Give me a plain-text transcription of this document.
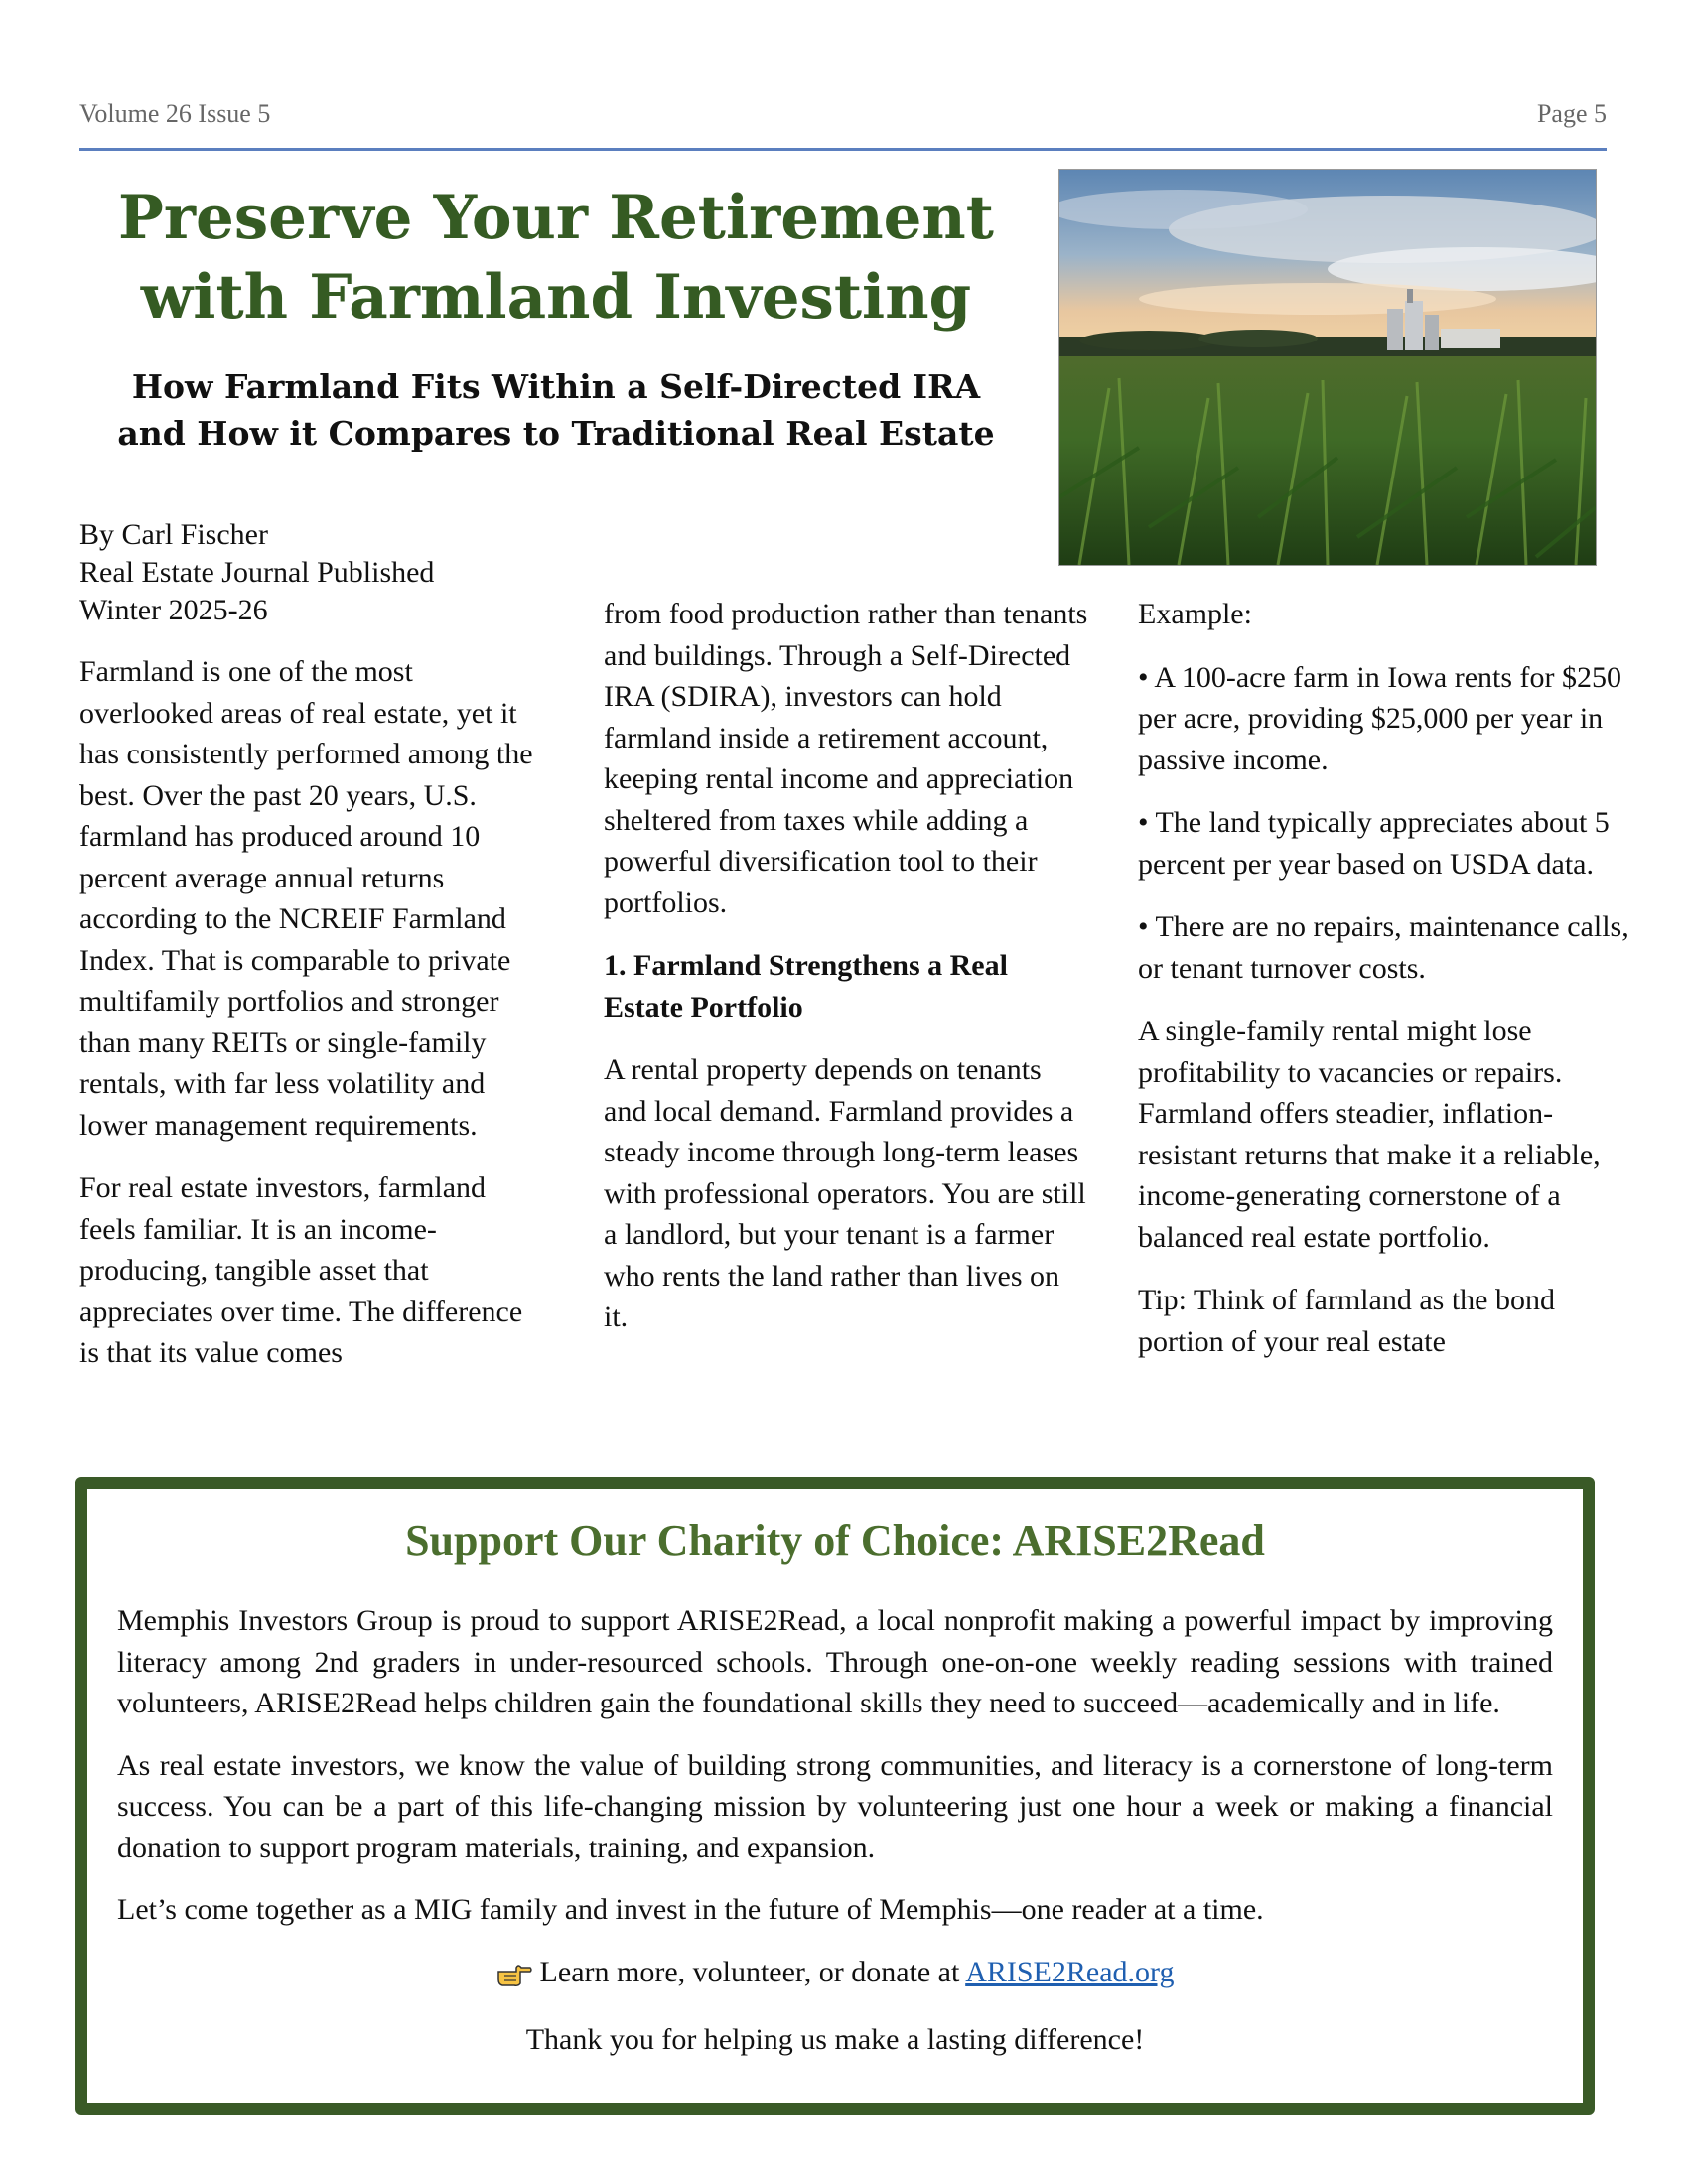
Volume 26 Issue 5	Page 5
Preserve Your Retirement
with Farmland Investing
How Farmland Fits Within a Self-Directed IRA
and How it Compares to Traditional Real Estate

By Carl Fischer
Real Estate Journal Published
Winter 2025-26

Farmland is one of the most overlooked areas of real estate, yet it has consistently performed among the best. Over the past 20 years, U.S. farmland has produced around 10 percent average annual returns according to the NCREIF Farmland Index. That is comparable to private multifamily portfolios and stronger than many REITs or single-family rentals, with far less volatility and lower management requirements.

For real estate investors, farmland feels familiar. It is an income-producing, tangible asset that appreciates over time. The difference is that its value comes

from food production rather than tenants and buildings. Through a Self-Directed IRA (SDIRA), investors can hold farmland inside a retirement account, keeping rental income and appreciation sheltered from taxes while adding a powerful diversification tool to their portfolios.

1. Farmland Strengthens a Real Estate Portfolio

A rental property depends on tenants and local demand. Farmland provides a steady income through long-term leases with professional operators. You are still a landlord, but your tenant is a farmer who rents the land rather than lives on it.

Example:

• A 100-acre farm in Iowa rents for $250 per acre, providing $25,000 per year in passive income.

• The land typically appreciates about 5 percent per year based on USDA data.

• There are no repairs, maintenance calls, or tenant turnover costs.

A single-family rental might lose profitability to vacancies or repairs. Farmland offers steadier, inflation-resistant returns that make it a reliable, income-generating cornerstone of a balanced real estate portfolio.

Tip: Think of farmland as the bond portion of your real estate

Support Our Charity of Choice: ARISE2Read

Memphis Investors Group is proud to support ARISE2Read, a local nonprofit making a powerful impact by improving literacy among 2nd graders in under-resourced schools. Through one-on-one weekly reading sessions with trained volunteers, ARISE2Read helps children gain the foundational skills they need to succeed—academically and in life.

As real estate investors, we know the value of building strong communities, and literacy is a cornerstone of long-term success. You can be a part of this life-changing mission by volunteering just one hour a week or making a financial donation to support program materials, training, and expansion.

Let’s come together as a MIG family and invest in the future of Memphis—one reader at a time.

Learn more, volunteer, or donate at ARISE2Read.org

Thank you for helping us make a lasting difference!
